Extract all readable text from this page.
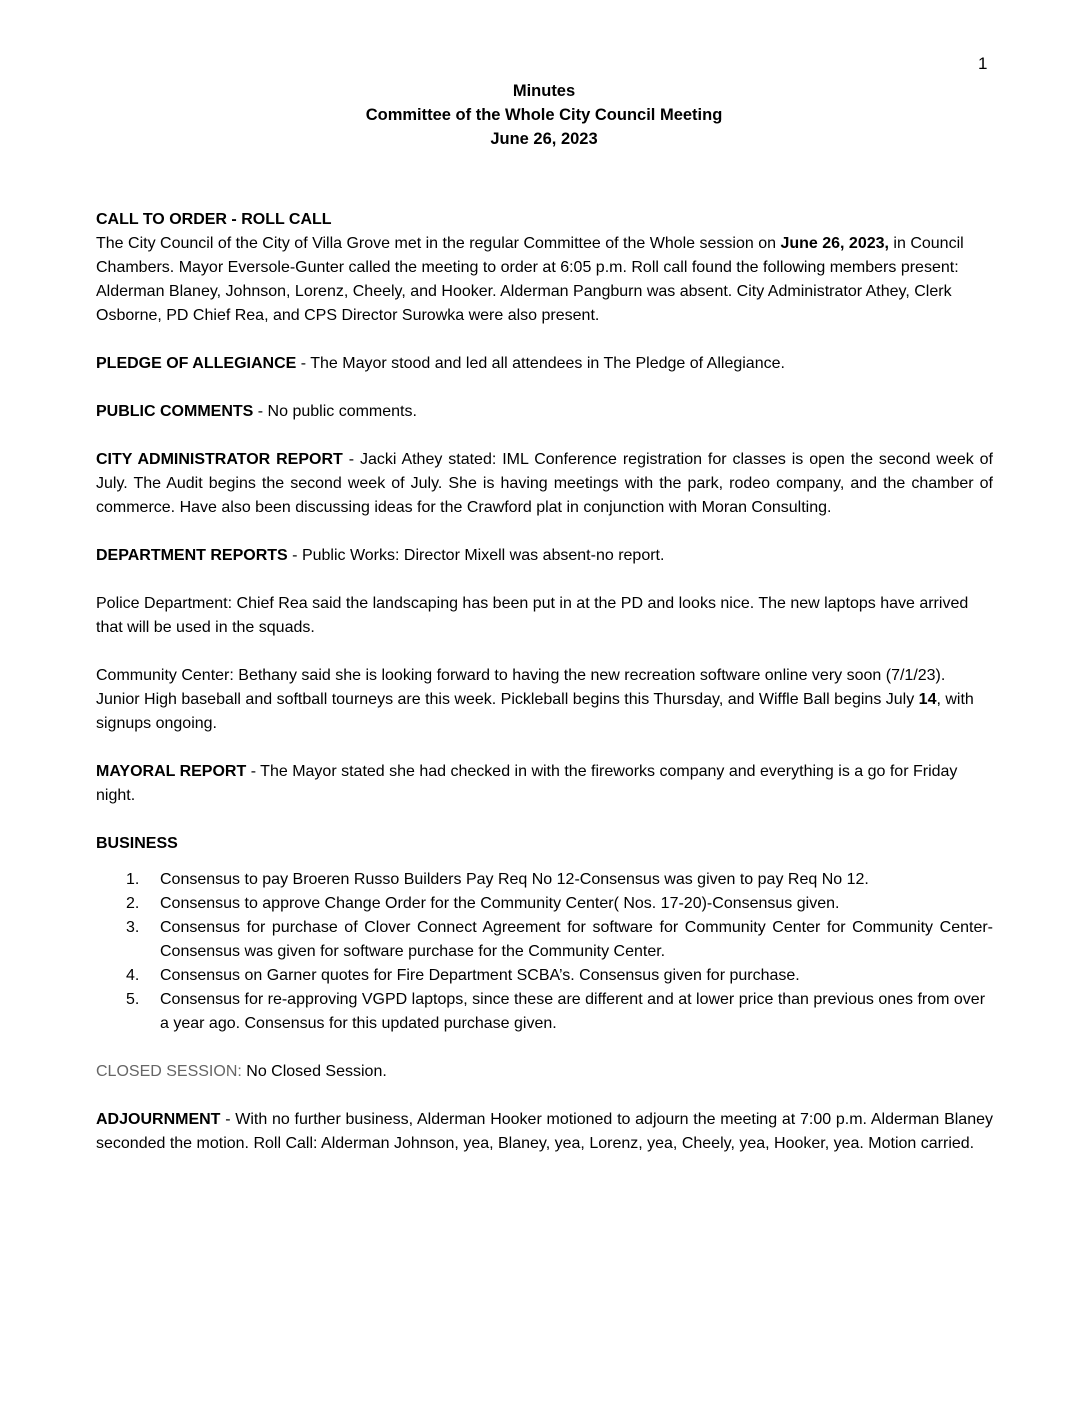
1
Minutes
Committee of the Whole City Council Meeting
June 26, 2023

CALL TO ORDER - ROLL CALL
The City Council of the City of Villa Grove met in the regular Committee of the Whole session on June 26, 2023, in Council Chambers. Mayor Eversole-Gunter called the meeting to order at 6:05 p.m. Roll call found the following members present: Alderman Blaney, Johnson, Lorenz, Cheely, and Hooker. Alderman Pangburn was absent. City Administrator Athey, Clerk Osborne, PD Chief Rea, and CPS Director Surowka were also present.

PLEDGE OF ALLEGIANCE - The Mayor stood and led all attendees in The Pledge of Allegiance.

PUBLIC COMMENTS - No public comments.

CITY ADMINISTRATOR REPORT - Jacki Athey stated: IML Conference registration for classes is open the second week of July. The Audit begins the second week of July. She is having meetings with the park, rodeo company, and the chamber of commerce. Have also been discussing ideas for the Crawford plat in conjunction with Moran Consulting.

DEPARTMENT REPORTS - Public Works: Director Mixell was absent-no report.

Police Department: Chief Rea said the landscaping has been put in at the PD and looks nice. The new laptops have arrived that will be used in the squads.

Community Center: Bethany said she is looking forward to having the new recreation software online very soon (7/1/23). Junior High baseball and softball tourneys are this week. Pickleball begins this Thursday, and Wiffle Ball begins July 14, with signups ongoing.

MAYORAL REPORT - The Mayor stated she had checked in with the fireworks company and everything is a go for Friday night.

BUSINESS

1.	Consensus to pay Broeren Russo Builders Pay Req No 12-Consensus was given to pay Req No 12.
2.	Consensus to approve Change Order for the Community Center( Nos. 17-20)-Consensus given.
3.	Consensus for purchase of Clover Connect Agreement for software for Community Center for Community Center-Consensus was given for software purchase for the Community Center.
4.	Consensus on Garner quotes for Fire Department SCBA’s. Consensus given for purchase.
5.	Consensus for re-approving VGPD laptops, since these are different and at lower price than previous ones from over a year ago. Consensus for this updated purchase given.

CLOSED SESSION: No Closed Session.

ADJOURNMENT - With no further business, Alderman Hooker motioned to adjourn the meeting at 7:00 p.m. Alderman Blaney seconded the motion. Roll Call: Alderman Johnson, yea, Blaney, yea, Lorenz, yea, Cheely, yea, Hooker, yea. Motion carried.
